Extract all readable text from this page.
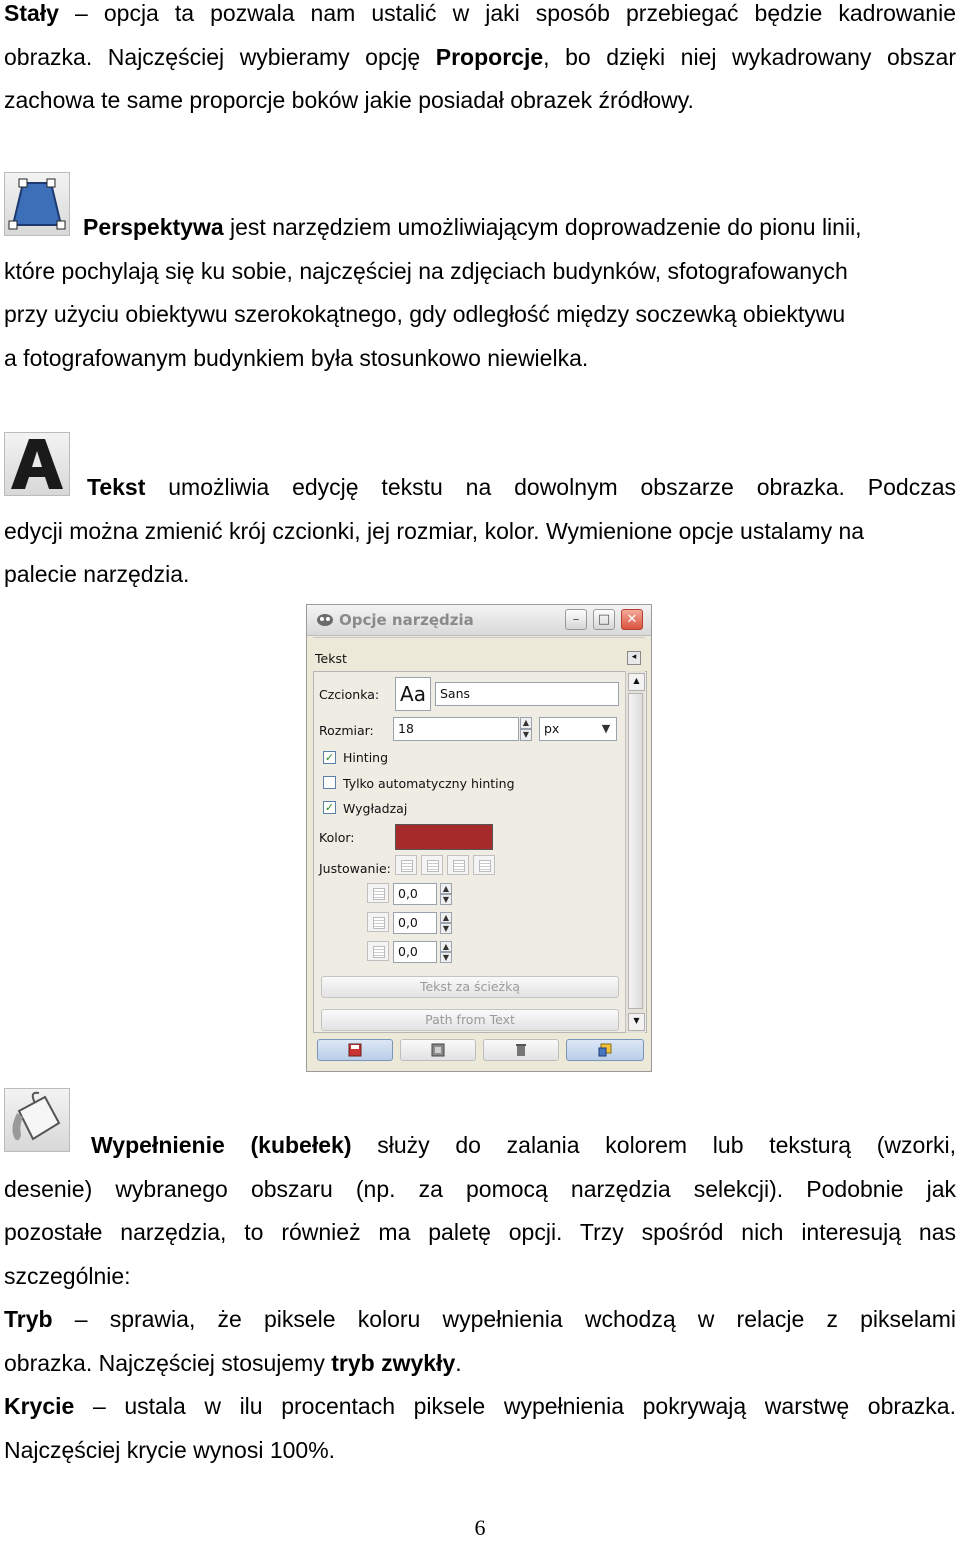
Stały – opcja ta pozwala nam ustalić w jaki sposób przebiegać będzie kadrowanie
obrazka. Najczęściej wybieramy opcję Proporcje, bo dzięki niej wykadrowany obszar
zachowa te same proporcje boków jakie posiadał obrazek źródłowy.
Perspektywa jest narzędziem umożliwiającym doprowadzenie do pionu linii,
które pochylają się ku sobie, najczęściej na zdjęciach budynków, sfotografowanych
przy użyciu obiektywu szerokokątnego, gdy odległość między soczewką obiektywu
a fotografowanym budynkiem była stosunkowo niewielka.
Tekst umożliwia edycję tekstu na dowolnym obszarze obrazka. Podczas
edycji można zmienić krój czcionki, jej rozmiar, kolor. Wymienione opcje ustalamy na
palecie narzędzia.
Opcje narzędzia	–	□	✕
Tekst	◂
Czcionka: Aa	Sans
Rozmiar:	18	▲
▼	px	▼
✓ Hinting
Tylko automatyczny hinting
✓ Wygładzaj
Kolor:
Justowanie:
0,0	▲
▼
0,0	▲
▼
0,0	▲
▼
Tekst za ścieżką
Path from Text
▲
▼
Wypełnienie (kubełek) służy do zalania kolorem lub teksturą (wzorki,
desenie) wybranego obszaru (np. za pomocą narzędzia selekcji). Podobnie jak
pozostałe narzędzia, to również ma paletę opcji. Trzy spośród nich interesują nas
szczególnie:
Tryb – sprawia, że piksele koloru wypełnienia wchodzą w relacje z pikselami
obrazka. Najczęściej stosujemy tryb zwykły.
Krycie – ustala w ilu procentach piksele wypełnienia pokrywają warstwę obrazka.
Najczęściej krycie wynosi 100%.
6
